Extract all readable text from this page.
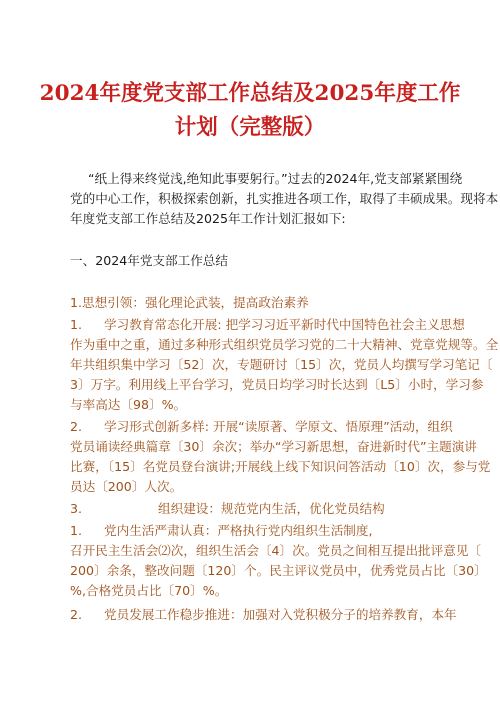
2024年度党支部工作总结及2025年度工作
计划（完整版）
“纸上得来终觉浅,绝知此事要躬行。”过去的2024年,党支部紧紧围绕
党的中心工作，积极探索创新，扎实推进各项工作，取得了丰硕成果。现将本
年度党支部工作总结及2025年工作计划汇报如下:
一、2024年党支部工作总结
1.思想引领：强化理论武装，提高政治素养
1. 学习教育常态化开展: 把学习习近平新时代中国特色社会主义思想
作为重中之重，通过多种形式组织党员学习党的二十大精神、党章党规等。全
年共组织集中学习〔52〕次，专题研讨〔15〕次，党员人均撰写学习笔记〔
3〕万字。利用线上平台学习，党员日均学习时长达到〔L5〕小时，学习参
与率高达〔98〕%。
2. 学习形式创新多样: 开展“读原著、学原文、悟原理”活动，组织
党员诵读经典篇章〔30〕余次；举办“学习新思想，奋进新时代”主题演讲
比赛，〔15〕名党员登台演讲;开展线上线下知识问答活动〔10〕次，参与党
员达〔200〕人次。
3.	组织建设：规范党内生活，优化党员结构
1. 党内生活严肃认真：严格执行党内组织生活制度,
召开民主生活会⑵次，组织生活会〔4〕次。党员之间相互提出批评意见〔
200〕余条，整改问题〔120〕个。民主评议党员中，优秀党员占比〔30〕
%,合格党员占比〔70〕%。
2. 党员发展工作稳步推进：加强对入党积极分子的培养教育，本年
